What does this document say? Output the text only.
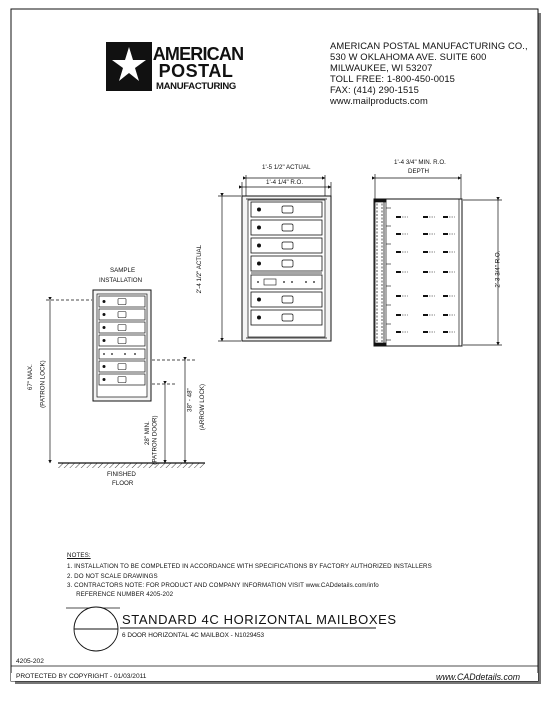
AMERICAN
POSTAL
MANUFACTURING
AMERICAN POSTAL MANUFACTURING CO.,
530 W OKLAHOMA AVE. SUITE 600
MILWAUKEE, WI 53207
TOLL FREE: 1-800-450-0015
FAX: (414) 290-1515
www.mailproducts.com
1'-5 1/2" ACTUAL
1'-4 1/4" R.O.
2'-4 1/2" ACTUAL
1'-4 3/4" MIN. R.O.
DEPTH
2'-3 3/4" R.O.
SAMPLE
INSTALLATION
67" MAX. (PATRON LOCK)
28" MIN. (PATRON DOOR)
38" - 48" (ARROW LOCK)
FINISHED
FLOOR
NOTES:
1. INSTALLATION TO BE COMPLETED IN ACCORDANCE WITH SPECIFICATIONS BY FACTORY AUTHORIZED INSTALLERS
2. DO NOT SCALE DRAWINGS
3. CONTRACTORS NOTE: FOR PRODUCT AND COMPANY INFORMATION VISIT www.CADdetails.com/info
REFERENCE NUMBER 4205-202
STANDARD 4C HORIZONTAL MAILBOXES
6 DOOR HORIZONTAL 4C MAILBOX - N1029453
4205-202
PROTECTED BY COPYRIGHT - 01/03/2011	www.CADdetails.com
